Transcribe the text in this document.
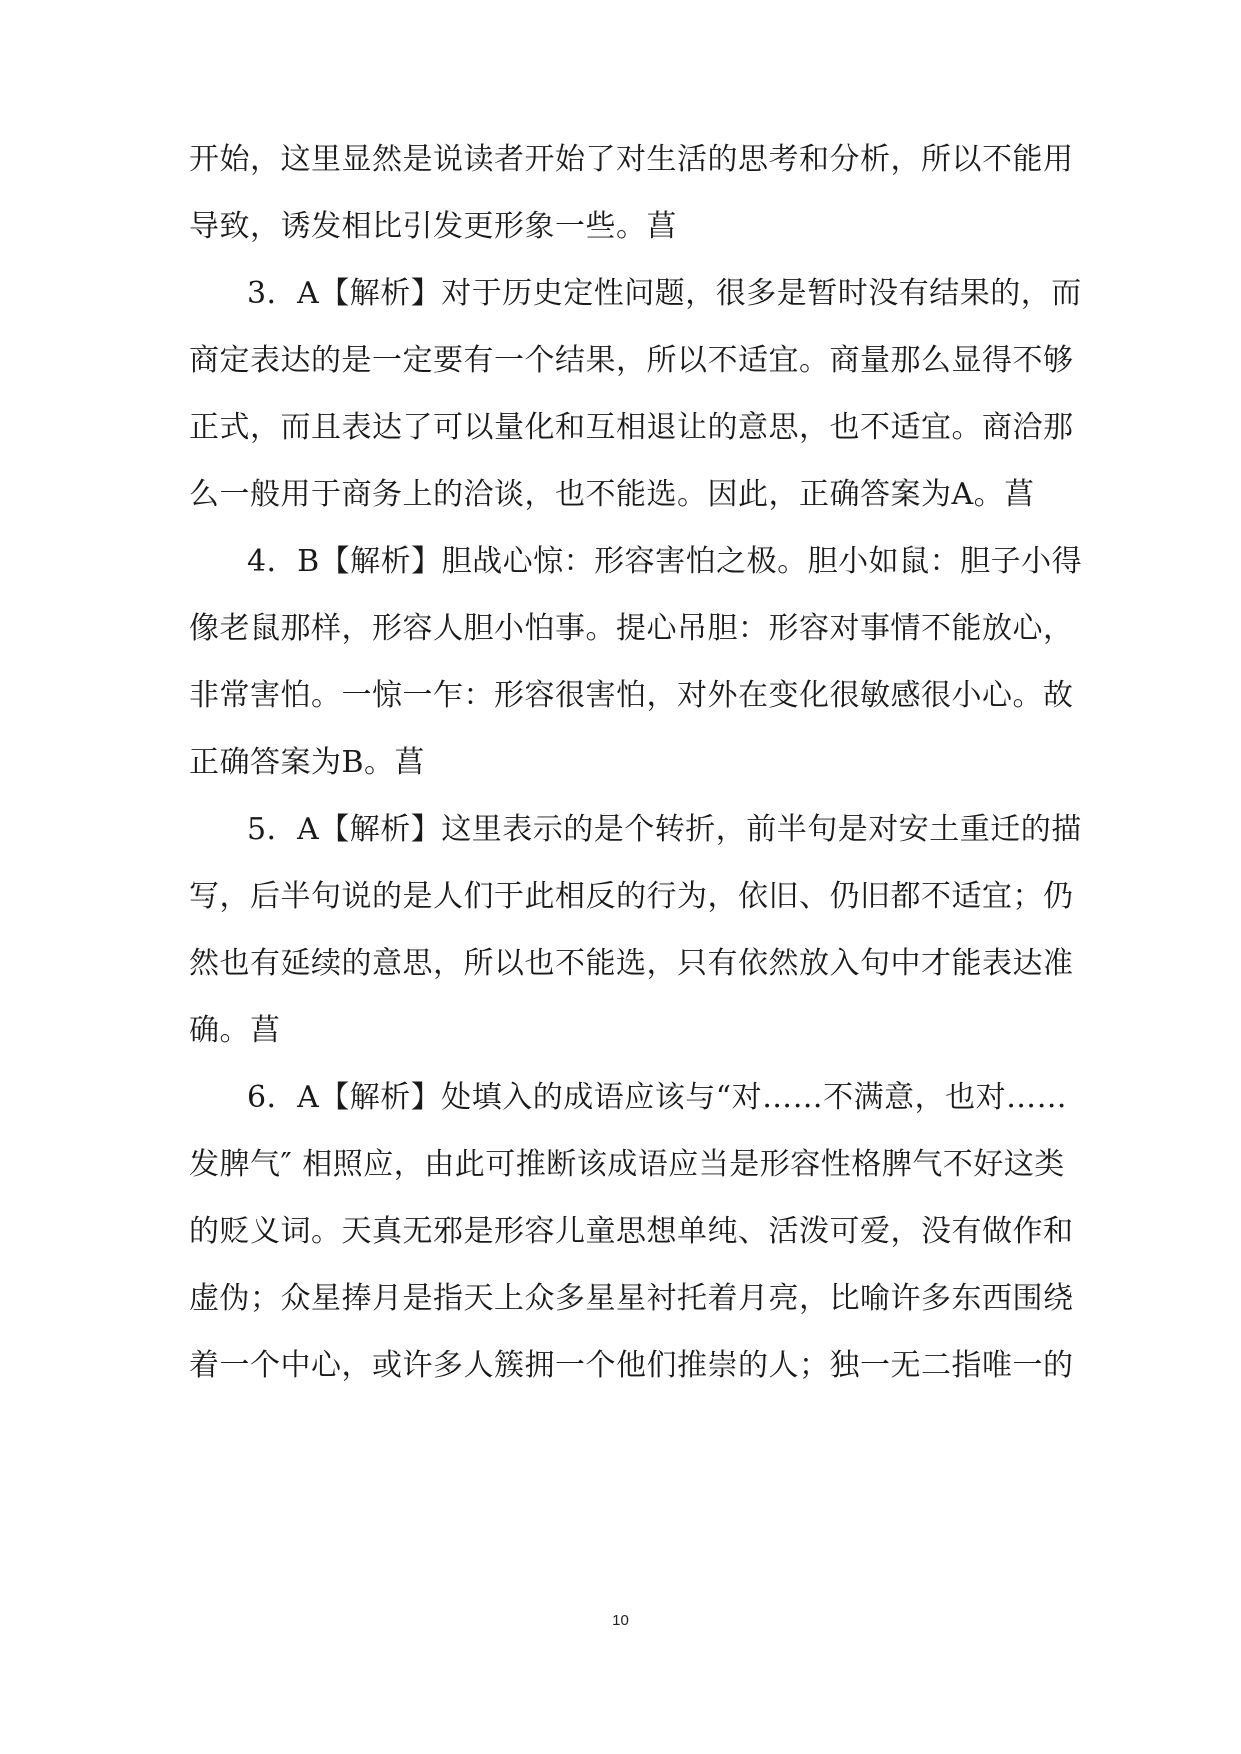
开始，这里显然是说读者开始了对生活的思考和分析，所以不能用
导致，诱发相比引发更形象一些。菖
3．A【解析】对于历史定性问题，很多是暂时没有结果的，而
商定表达的是一定要有一个结果，所以不适宜。商量那么显得不够
正式，而且表达了可以量化和互相退让的意思，也不适宜。商洽那
么一般用于商务上的洽谈，也不能选。因此，正确答案为A。菖
4．B【解析】胆战心惊：形容害怕之极。胆小如鼠：胆子小得
像老鼠那样，形容人胆小怕事。提心吊胆：形容对事情不能放心，
非常害怕。一惊一乍：形容很害怕，对外在变化很敏感很小心。故
正确答案为B。菖
5．A【解析】这里表示的是个转折，前半句是对安土重迁的描
写，后半句说的是人们于此相反的行为，依旧、仍旧都不适宜；仍
然也有延续的意思，所以也不能选，只有依然放入句中才能表达准
确。菖
6．A【解析】处填入的成语应该与“对……不满意，也对……
发脾气″ 相照应，由此可推断该成语应当是形容性格脾气不好这类
的贬义词。天真无邪是形容儿童思想单纯、活泼可爱，没有做作和
虚伪；众星捧月是指天上众多星星衬托着月亮，比喻许多东西围绕
着一个中心，或许多人簇拥一个他们推崇的人；独一无二指唯一的
10
